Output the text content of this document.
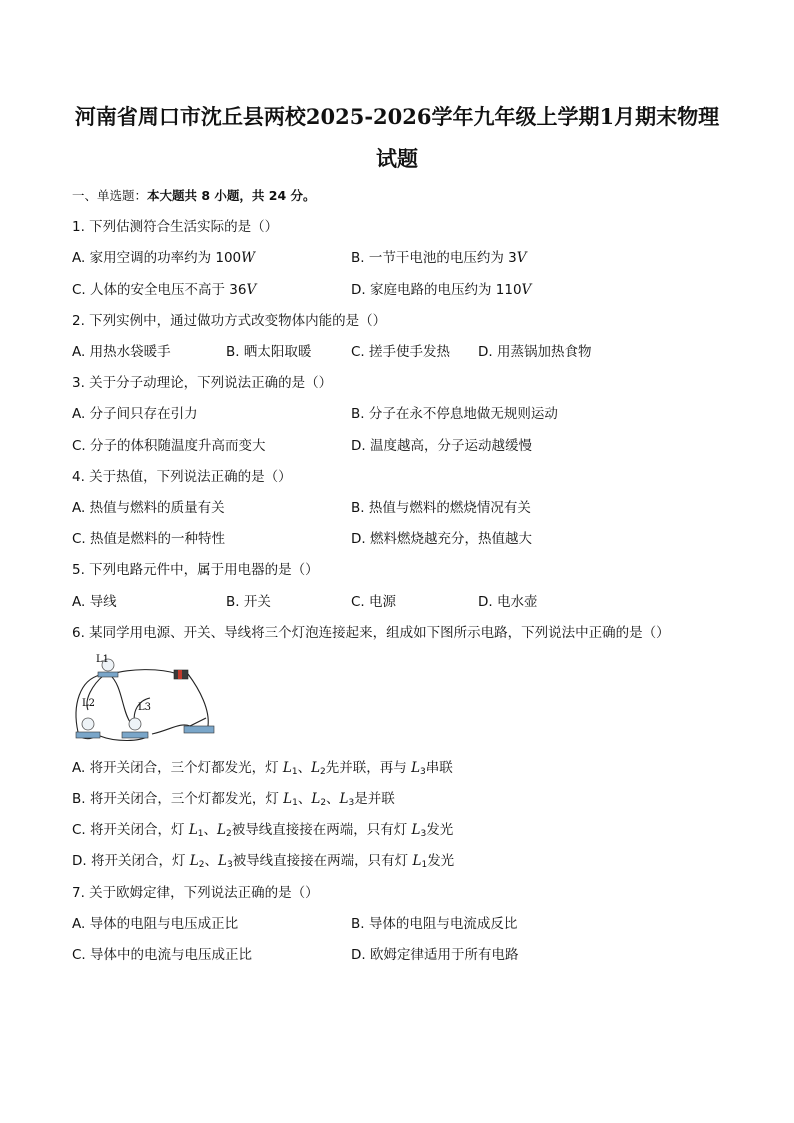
河南省周口市沈丘县两校2025-2026学年九年级上学期1月期末物理
试题
一、单选题：本大题共 8 小题，共 24 分。
1. 下列估测符合生活实际的是（）
A. 家用空调的功率约为 100W	B. 一节干电池的电压约为 3V
C. 人体的安全电压不高于 36V	D. 家庭电路的电压约为 110V
2. 下列实例中，通过做功方式改变物体内能的是（）
A. 用热水袋暖手	B. 晒太阳取暖	C. 搓手使手发热 D. 用蒸锅加热食物
3. 关于分子动理论，下列说法正确的是（）
A. 分子间只存在引力	B. 分子在永不停息地做无规则运动
C. 分子的体积随温度升高而变大	D. 温度越高，分子运动越缓慢
4. 关于热值，下列说法正确的是（）
A. 热值与燃料的质量有关	B. 热值与燃料的燃烧情况有关
C. 热值是燃料的一种特性	D. 燃料燃烧越充分，热值越大
5. 下列电路元件中，属于用电器的是（）
A. 导线	B. 开关	C. 电源	D. 电水壶
6. 某同学用电源、开关、导线将三个灯泡连接起来，组成如下图所示电路，下列说法中正确的是（）
L1
L2	L3
A. 将开关闭合，三个灯都发光，灯 $L_1$、$L_2$先并联，再与 $L_3$串联
B. 将开关闭合，三个灯都发光，灯 $L_1$、$L_2$、$L_3$是并联
C. 将开关闭合，灯 $L_1$、$L_2$被导线直接接在两端，只有灯 $L_3$发光
D. 将开关闭合，灯 $L_2$、$L_3$被导线直接接在两端，只有灯 $L_1$发光
7. 关于欧姆定律，下列说法正确的是（）
A. 导体的电阻与电压成正比	B. 导体的电阻与电流成反比
C. 导体中的电流与电压成正比	D. 欧姆定律适用于所有电路
